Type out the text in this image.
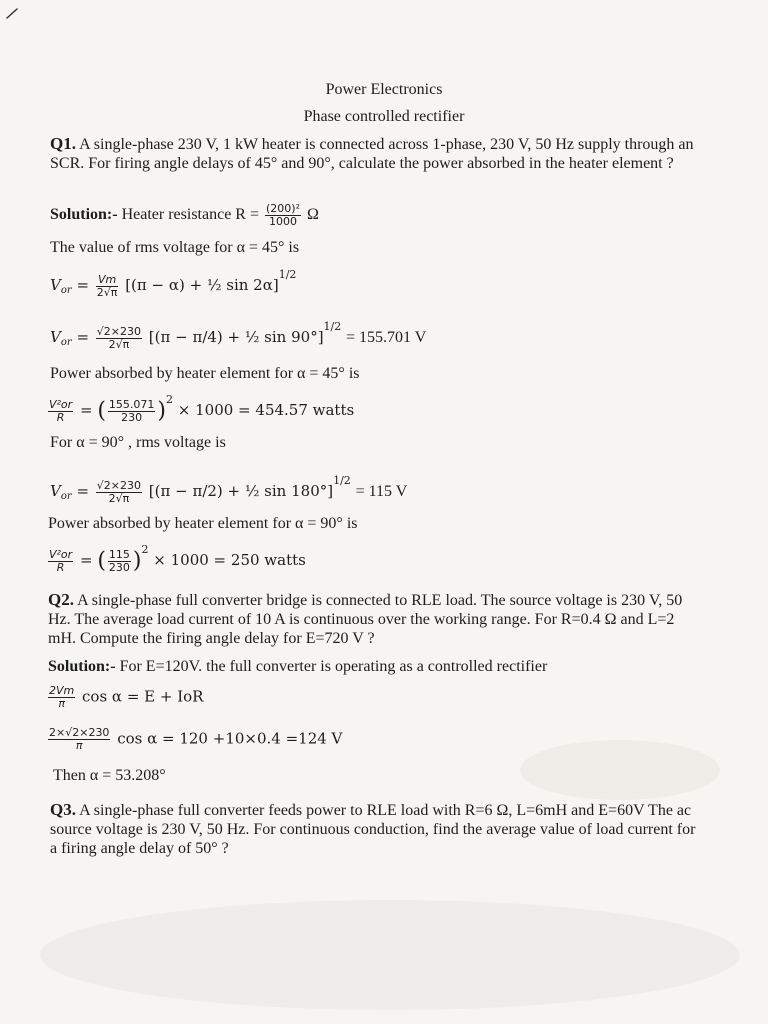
Power Electronics
Phase controlled rectifier
Q1. A single-phase 230 V, 1 kW heater is connected across 1-phase, 230 V, 50 Hz supply through an SCR. For firing angle delays of 45° and 90°, calculate the power absorbed in the heater element ?
Solution:- Heater resistance $R = \frac{\text{(200)²}}{1000}$ Ω
The value of rms voltage for α = 45° is
$V_{or} = \frac{Vm}{2√\pi} [(\pi - \alpha)$ + ½ sin 2α]$^{1/2}$
$V_{or} = \frac{√2\times 230}{2√\pi} [(\pi - \pi/4)$ + ½ sin 90°]$^{1/2}$ = 155.701 V
Power absorbed by heater element for α = 45° is
$\frac{\text{V²or}}{R}$ = ( $\frac{155.071}{230} )^2 \times 1000 = 454.57$ watts
For α = 90° , rms voltage is
$V_{or} = \frac{√2\times 230}{2√\pi} [(\pi - \pi/2)$ + ½ sin 180°]$^{1/2}$ = 115 V
Power absorbed by heater element for α = 90° is
$\frac{\text{V²or}}{R}$ = ( $\frac{115}{230} )^2 \times 1000 = 250$ watts
Q2. A single-phase full converter bridge is connected to RLE load. The source voltage is 230 V, 50 Hz. The average load current of 10 A is continuous over the working range. For R=0.4 Ω and L=2 mH. Compute the firing angle delay for E=720 V ?
Solution:- For E=120V. the full converter is operating as a controlled rectifier
$\frac{2Vm}{\pi}$ cos α = E + IoR
$\frac{2\times√2\times 230}{\pi}$ cos α = 120 +10×0.4 =124 V
Then α = 53.208°
Q3. A single-phase full converter feeds power to RLE load with R=6 Ω, L=6mH and E=60V The ac source voltage is 230 V, 50 Hz. For continuous conduction, find the average value of load current for a firing angle delay of 50° ?
